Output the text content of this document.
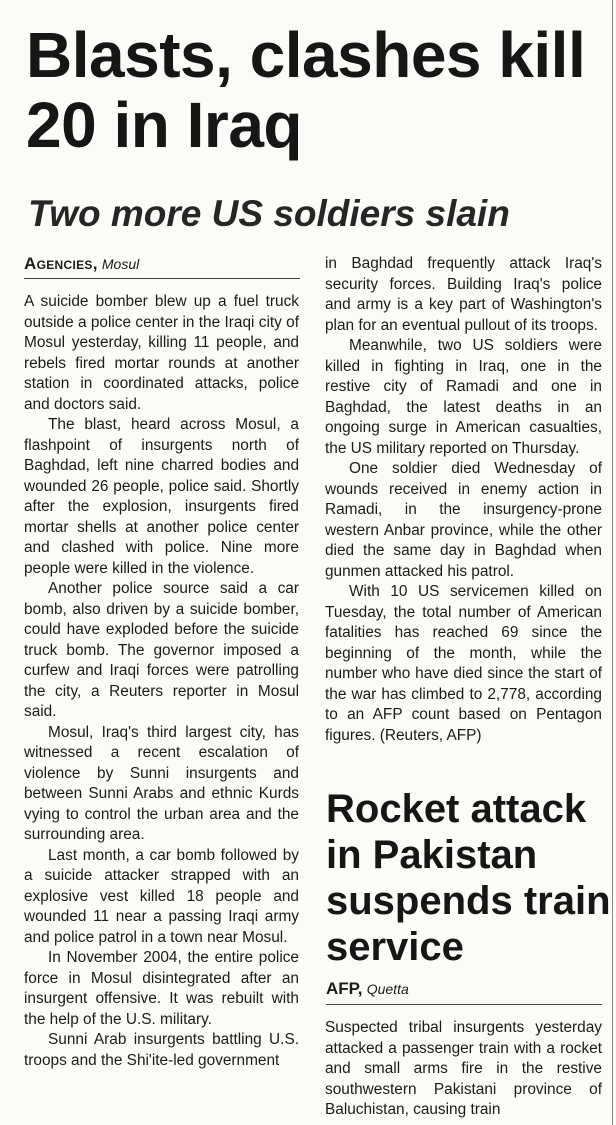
Blasts, clashes kill 20 in Iraq
Two more US soldiers slain
Agencies, Mosul

A suicide bomber blew up a fuel truck outside a police center in the Iraqi city of Mosul yesterday, killing 11 people, and rebels fired mortar rounds at another station in coordinated attacks, police and doctors said.

The blast, heard across Mosul, a flashpoint of insurgents north of Baghdad, left nine charred bodies and wounded 26 people, police said. Shortly after the explosion, insurgents fired mortar shells at another police center and clashed with police. Nine more people were killed in the violence.

Another police source said a car bomb, also driven by a suicide bomber, could have exploded before the suicide truck bomb. The governor imposed a curfew and Iraqi forces were patrolling the city, a Reuters reporter in Mosul said.

Mosul, Iraq's third largest city, has witnessed a recent escalation of violence by Sunni insurgents and between Sunni Arabs and ethnic Kurds vying to control the urban area and the surrounding area.

Last month, a car bomb followed by a suicide attacker strapped with an explosive vest killed 18 people and wounded 11 near a passing Iraqi army and police patrol in a town near Mosul.

In November 2004, the entire police force in Mosul disintegrated after an insurgent offensive. It was rebuilt with the help of the U.S. military.

Sunni Arab insurgents battling U.S. troops and the Shi'ite-led government

in Baghdad frequently attack Iraq's security forces. Building Iraq's police and army is a key part of Washington's plan for an eventual pullout of its troops.

Meanwhile, two US soldiers were killed in fighting in Iraq, one in the restive city of Ramadi and one in Baghdad, the latest deaths in an ongoing surge in American casualties, the US military reported on Thursday.

One soldier died Wednesday of wounds received in enemy action in Ramadi, in the insurgency-prone western Anbar province, while the other died the same day in Baghdad when gunmen attacked his patrol.

With 10 US servicemen killed on Tuesday, the total number of American fatalities has reached 69 since the beginning of the month, while the number who have died since the start of the war has climbed to 2,778, according to an AFP count based on Pentagon figures. (Reuters, AFP)

Rocket attack in Pakistan suspends train service
AFP, Quetta

Suspected tribal insurgents yesterday attacked a passenger train with a rocket and small arms fire in the restive southwestern Pakistani province of Baluchistan, causing train
